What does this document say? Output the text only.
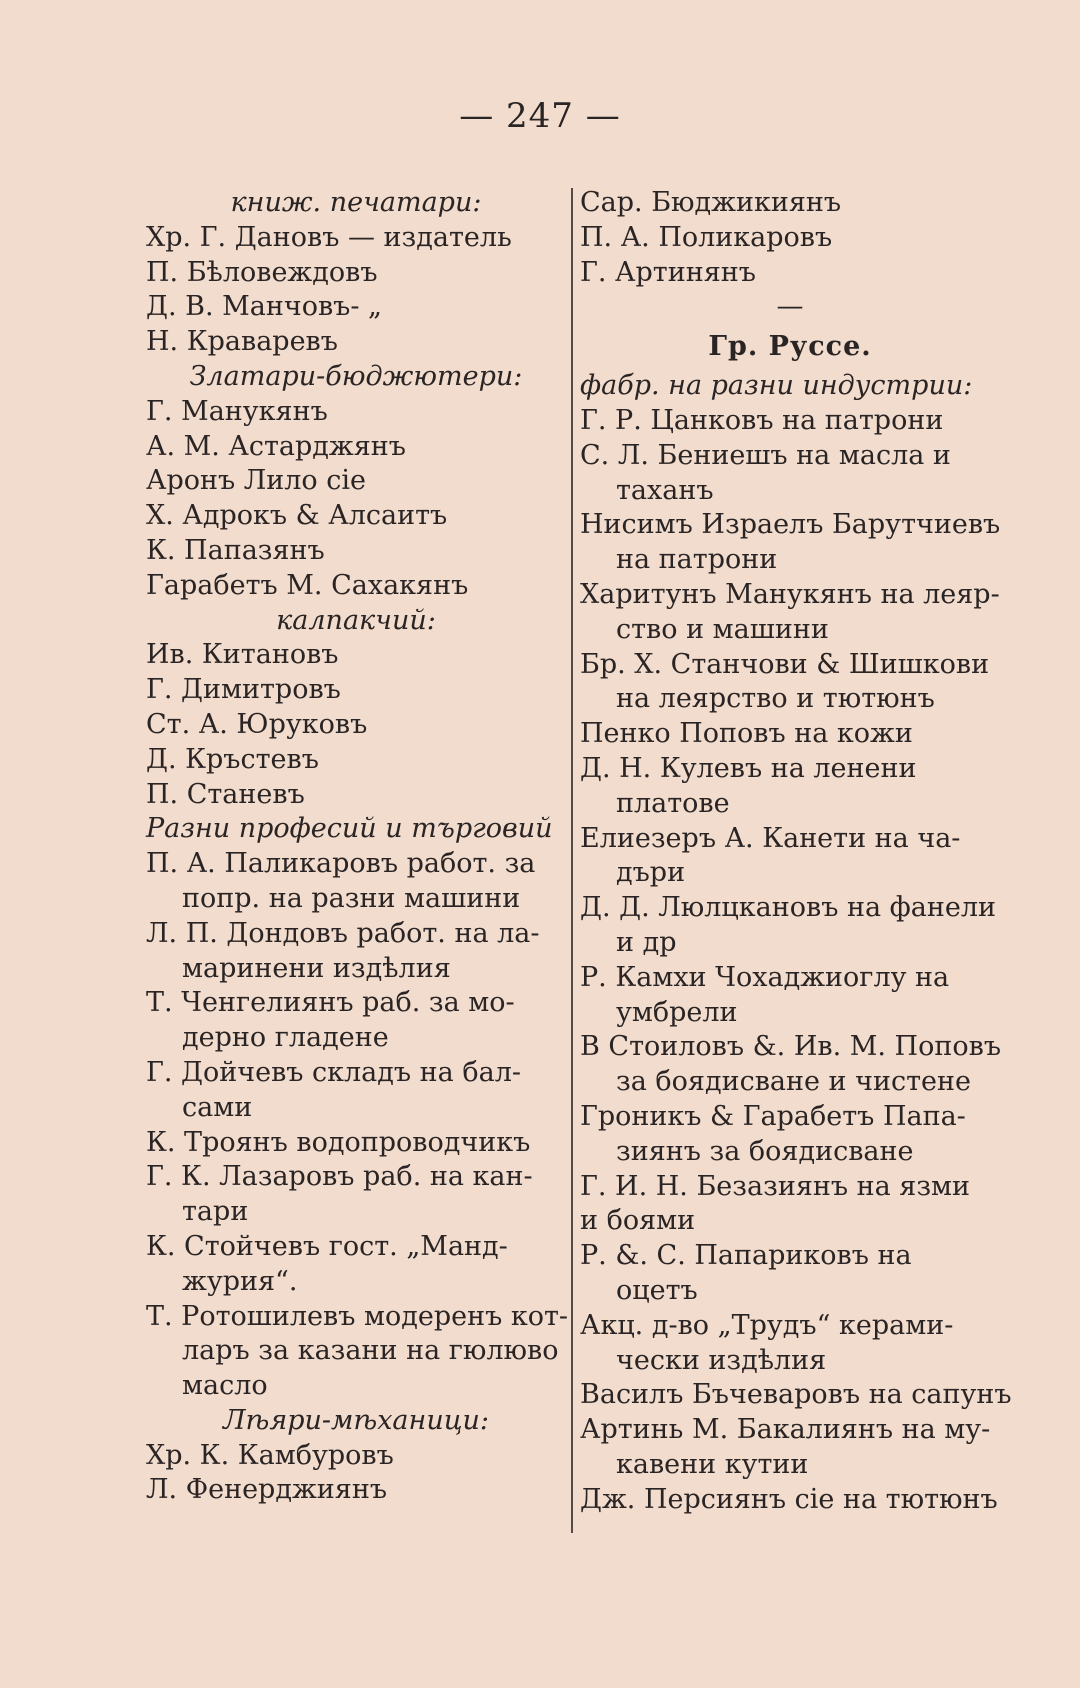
— 247 —
книж. печатари:
Хр. Г. Дановъ — издатель
П. Бѣловеждовъ
Д. В. Манчовъ- „
Н. Краваревъ
Златари-бюджютери:
Г. Манукянъ
А. М. Астарджянъ
Аронъ Лило сіе
Х. Адрокъ & Алсаитъ
К. Папазянъ
Гарабетъ М. Сахакянъ
калпакчий:
Ив. Китановъ
Г. Димитровъ
Ст. А. Юруковъ
Д. Кръстевъ
П. Станевъ
Разни професий и търговий
П. А. Паликаровъ работ. за
попр. на разни машини
Л. П. Дондовъ работ. на ла-
маринени издѣлия
Т. Ченгелиянъ раб. за мо-
дерно гладене
Г. Дойчевъ складъ на бал-
сами
К. Троянъ водопроводчикъ
Г. К. Лазаровъ раб. на кан-
тари
К. Стойчевъ гост. „Манд-
журия“.
Т. Ротошилевъ модеренъ кот-
ларъ за казани на гюлюво
масло
Лѣяри-мѣханици:
Хр. К. Камбуровъ
Л. Фенерджиянъ
Сар. Бюджикиянъ
П. А. Поликаровъ
Г. Артинянъ
—
Гр. Руссе.
фабр. на разни индустрии:
Г. Р. Цанковъ на патрони
С. Л. Бениешъ на масла и
таханъ
Нисимъ Израелъ Барутчиевъ
на патрони
Харитунъ Манукянъ на леяр-
ство и машини
Бр. Х. Станчови & Шишкови
на леярство и тютюнъ
Пенко Поповъ на кожи
Д. Н. Кулевъ на ленени
платове
Елиезеръ А. Канети на ча-
дъри
Д. Д. Люлцкановъ на фанели
и др
Р. Камхи Чохаджиоглу на
умбрели
В Стоиловъ &. Ив. М. Поповъ
за боядисване и чистене
Гроникъ & Гарабетъ Папа-
зиянъ за боядисване
Г. И. Н. Безазиянъ на язми
и боями
Р. &. С. Папариковъ на
оцетъ
Акц. д-во „Трудъ“ керами-
чески издѣлия
Василъ Бъчеваровъ на сапунъ
Артинь М. Бакалиянъ на му-
кавени кутии
Дж. Персиянъ сіе на тютюнъ
